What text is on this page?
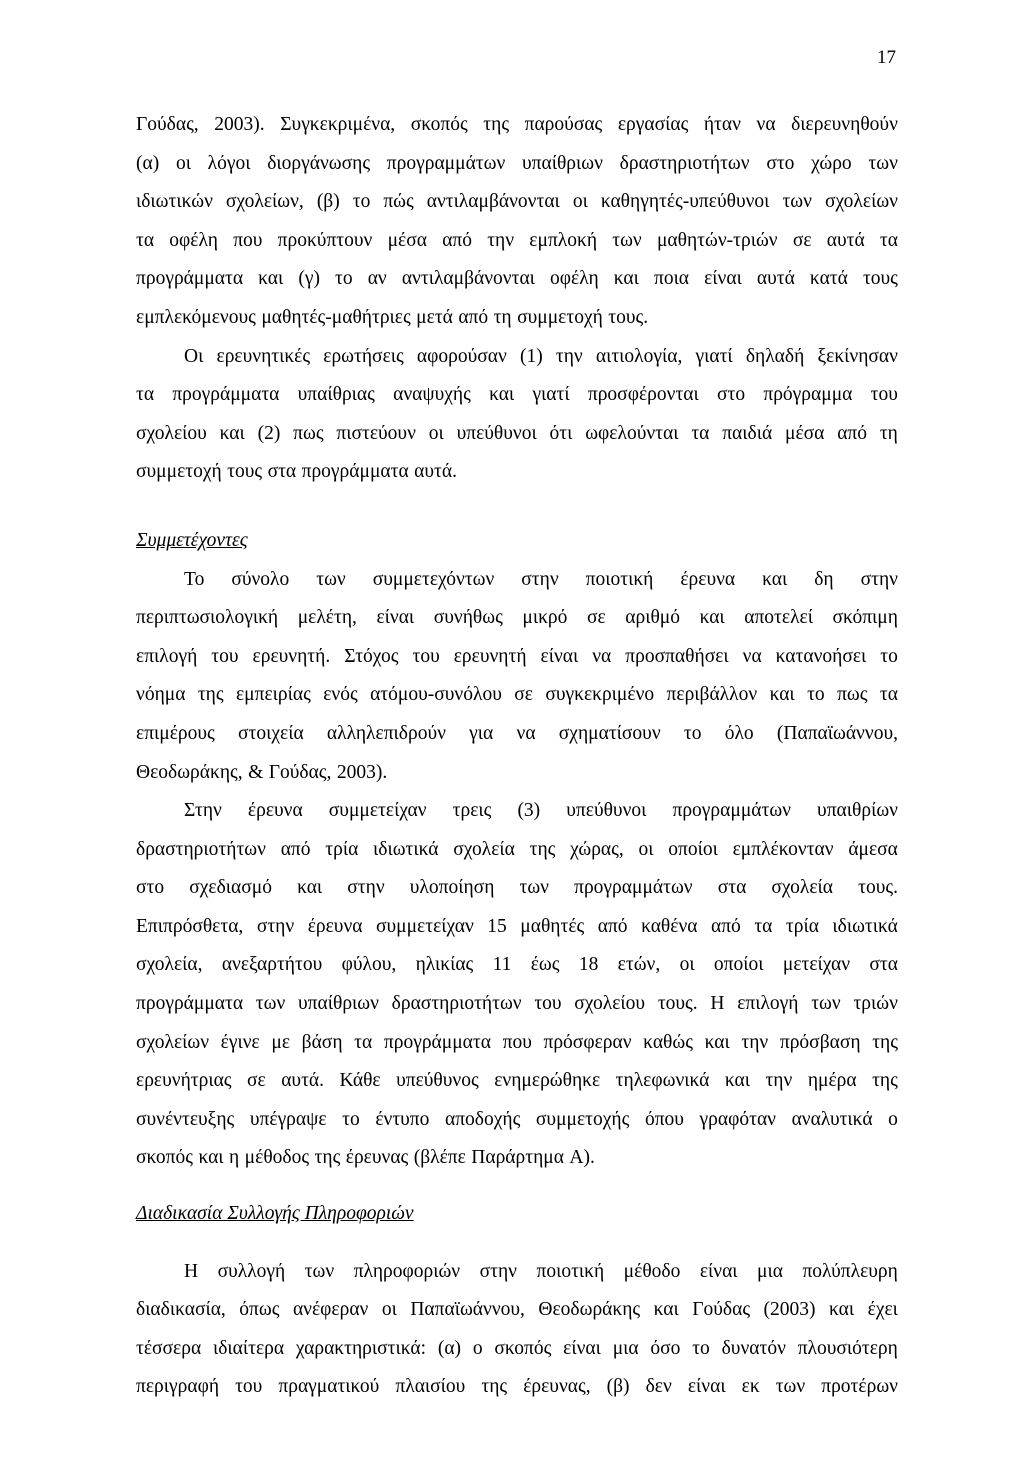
17
Γούδας, 2003). Συγκεκριμένα, σκοπός της παρούσας εργασίας ήταν να διερευνηθούν
(α) οι λόγοι διοργάνωσης προγραμμάτων υπαίθριων δραστηριοτήτων στο χώρο των
ιδιωτικών σχολείων, (β) το πώς αντιλαμβάνονται οι καθηγητές-υπεύθυνοι των σχολείων
τα οφέλη που προκύπτουν μέσα από την εμπλοκή των μαθητών-τριών σε αυτά τα
προγράμματα και (γ) το αν αντιλαμβάνονται οφέλη και ποια είναι αυτά κατά τους
εμπλεκόμενους μαθητές-μαθήτριες μετά από τη συμμετοχή τους.
Οι ερευνητικές ερωτήσεις αφορούσαν (1) την αιτιολογία, γιατί δηλαδή ξεκίνησαν
τα προγράμματα υπαίθριας αναψυχής και γιατί προσφέρονται στο πρόγραμμα του
σχολείου και (2) πως πιστεύουν οι υπεύθυνοι ότι ωφελούνται τα παιδιά μέσα από τη
συμμετοχή τους στα προγράμματα αυτά.
Συμμετέχοντες
Το σύνολο των συμμετεχόντων στην ποιοτική έρευνα και δη στην
περιπτωσιολογική μελέτη, είναι συνήθως μικρό σε αριθμό και αποτελεί σκόπιμη
επιλογή του ερευνητή. Στόχος του ερευνητή είναι να προσπαθήσει να κατανοήσει το
νόημα της εμπειρίας ενός ατόμου-συνόλου σε συγκεκριμένο περιβάλλον και το πως τα
επιμέρους στοιχεία αλληλεπιδρούν για να σχηματίσουν το όλο (Παπαϊωάννου,
Θεοδωράκης, & Γούδας, 2003).
Στην έρευνα συμμετείχαν τρεις (3) υπεύθυνοι προγραμμάτων υπαιθρίων
δραστηριοτήτων από τρία ιδιωτικά σχολεία της χώρας, οι οποίοι εμπλέκονταν άμεσα
στο σχεδιασμό και στην υλοποίηση των προγραμμάτων στα σχολεία τους.
Επιπρόσθετα, στην έρευνα συμμετείχαν 15 μαθητές από καθένα από τα τρία ιδιωτικά
σχολεία, ανεξαρτήτου φύλου, ηλικίας 11 έως 18 ετών, οι οποίοι μετείχαν στα
προγράμματα των υπαίθριων δραστηριοτήτων του σχολείου τους. Η επιλογή των τριών
σχολείων έγινε με βάση τα προγράμματα που πρόσφεραν καθώς και την πρόσβαση της
ερευνήτριας σε αυτά. Κάθε υπεύθυνος ενημερώθηκε τηλεφωνικά και την ημέρα της
συνέντευξης υπέγραψε το έντυπο αποδοχής συμμετοχής όπου γραφόταν αναλυτικά ο
σκοπός και η μέθοδος της έρευνας (βλέπε Παράρτημα Α).
Διαδικασία Συλλογής Πληροφοριών
Η συλλογή των πληροφοριών στην ποιοτική μέθοδο είναι μια πολύπλευρη
διαδικασία, όπως ανέφεραν οι Παπαϊωάννου, Θεοδωράκης και Γούδας (2003) και έχει
τέσσερα ιδιαίτερα χαρακτηριστικά: (α) ο σκοπός είναι μια όσο το δυνατόν πλουσιότερη
περιγραφή του πραγματικού πλαισίου της έρευνας, (β) δεν είναι εκ των προτέρων
